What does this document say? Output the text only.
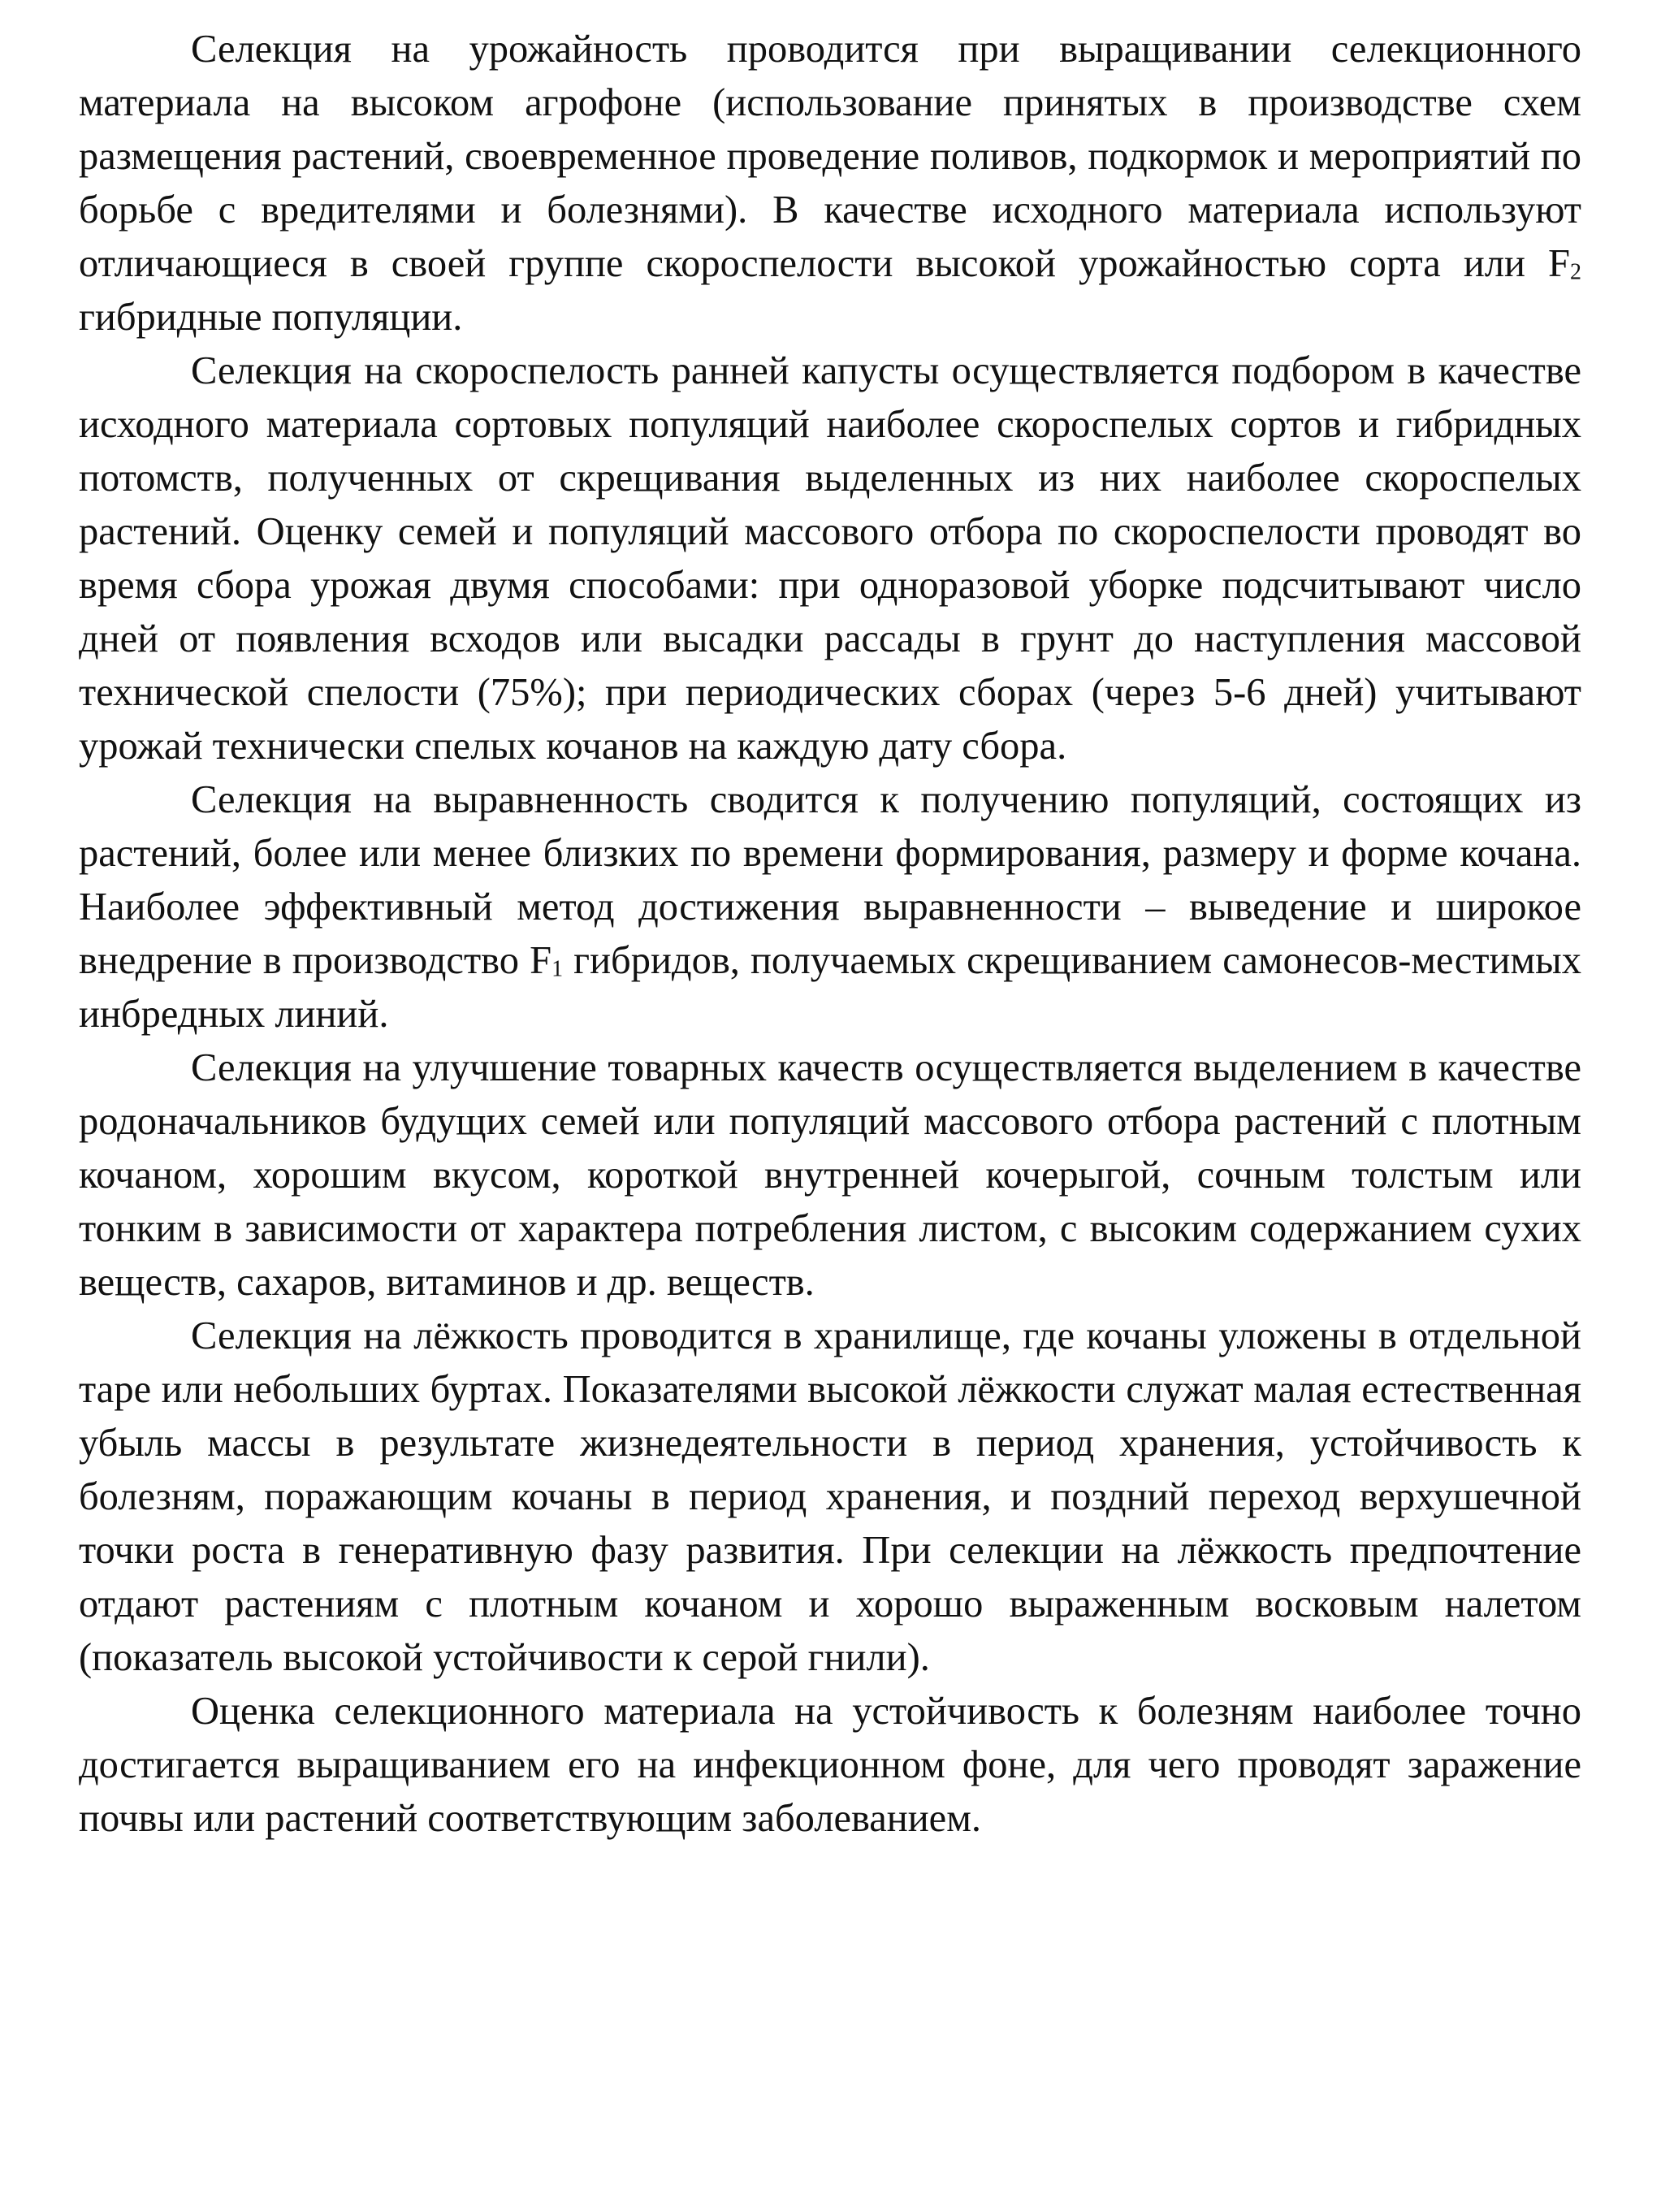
Селекция на урожайность проводится при выращивании селекционного материала на высоком агрофоне (использование принятых в производстве схем размещения растений, своевременное проведение поливов, подкормок и мероприятий по борьбе с вредителями и болезнями). В качестве исходного материала используют отличающиеся в своей группе скороспелости высокой урожайностью сорта или $F_2$ гибридные популяции.

Селекция на скороспелость ранней капусты осуществляется подбором в качестве исходного материала сортовых популяций наиболее скороспелых сортов и гибридных потомств, полученных от скрещивания выделенных из них наиболее скороспелых растений. Оценку семей и популяций массового отбора по скороспелости проводят во время сбора урожая двумя способами: при одноразовой уборке подсчитывают число дней от появления всходов или высадки рассады в грунт до наступления массовой технической спелости (75%); при периодических сборах (через 5-6 дней) учитывают урожай технически спелых кочанов на каждую дату сбора.

Селекция на выравненность сводится к получению популяций, состоящих из растений, более или менее близких по времени формирования, размеру и форме кочана. Наиболее эффективный метод достижения выравненности – выведение и широкое внедрение в производство $F_1$ гибридов, получаемых скрещиванием самонесов-местимых инбредных линий.

Селекция на улучшение товарных качеств осуществляется выделением в качестве родоначальников будущих семей или популяций массового отбора растений с плотным кочаном, хорошим вкусом, короткой внутренней кочерыгой, сочным толстым или тонким в зависимости от характера потребления листом, с высоким содержанием сухих веществ, сахаров, витаминов и др. веществ.

Селекция на лёжкость проводится в хранилище, где кочаны уложены в отдельной таре или небольших буртах. Показателями высокой лёжкости служат малая естественная убыль массы в результате жизнедеятельности в период хранения, устойчивость к болезням, поражающим кочаны в период хранения, и поздний переход верхушечной точки роста в генеративную фазу развития. При селекции на лёжкость предпочтение отдают растениям с плотным кочаном и хорошо выраженным восковым налетом (показатель высокой устойчивости к серой гнили).

Оценка селекционного материала на устойчивость к болезням наиболее точно достигается выращиванием его на инфекционном фоне, для чего проводят заражение почвы или растений соответствующим заболеванием.
